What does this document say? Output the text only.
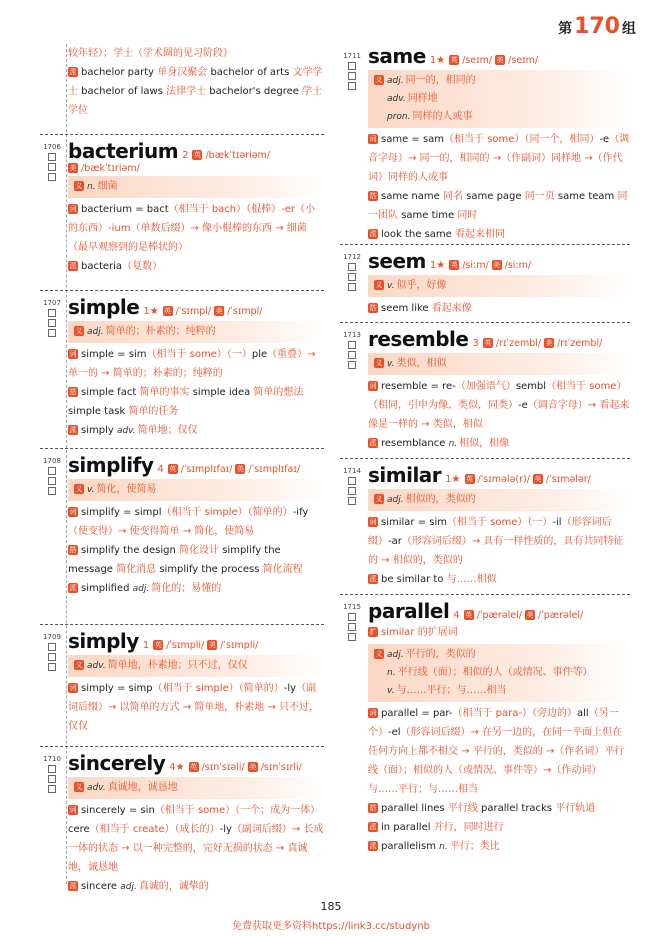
第170 组
较年轻）；学士（学术圈的见习阶段）
派 bachelor party 单身汉聚会 bachelor of arts 文学学士 bachelor of laws 法律学士 bachelor's degree 学士学位
1706 bacterium 2 英 /bækˈtɪəriəm/
美 /bækˈtɪriəm/
义 n. 细菌
词 bacterium = bact（相当于 bach）（棍棒）-er（小的东西）-ium（单数后缀）→ 像小棍棒的东西 → 细菌（最早观察到的是棒状的）
派 bacteria（复数）
1707 simple 1★ 英 /ˈsɪmpl/ 美 /ˈsɪmpl/
义 adj. 简单的；朴素的；纯粹的
词 simple = sim（相当于 some）（一）ple（重叠）→ 单一的 → 简单的；朴素的；纯粹的
搭 simple fact 简单的事实 simple idea 简单的想法 simple task 简单的任务
派 simply adv. 简单地；仅仅
1708 simplify 4 英 /ˈsɪmplɪfaɪ/ 美 /ˈsɪmplɪfaɪ/
义 v. 简化，使简易
词 simplify = simpl（相当于 simple）（简单的）-ify（使变得）→ 使变得简单 → 简化，使简易
搭 simplify the design 简化设计 simplify the message 简化消息 simplify the process 简化流程
派 simplified adj. 简化的；易懂的
1709 simply 1 英 /ˈsɪmpli/ 美 /ˈsɪmpli/
义 adv. 简单地，朴素地；只不过，仅仅
词 simply = simp（相当于 simple）（简单的）-ly（副词后缀）→ 以简单的方式 → 简单地，朴素地 → 只不过，仅仅
1710 sincerely 4★ 英 /sɪnˈsɪəli/ 美 /sɪnˈsɪrli/
义 adv. 真诚地，诚恳地
词 sincerely = sin（相当于 some）（一个；成为一体）cere（相当于 create）（成长的）-ly（副词后缀）→ 长成一体的状态 → 以一种完整的，完好无损的状态 → 真诚地，诚恳地
派 sincere adj. 真诚的，诚挚的
1711 same 1★ 英 /seɪm/ 美 /seɪm/
义 adj. 同一的，相同的
adv. 同样地
pron. 同样的人或事
词 same = sam（相当于 some）（同一个，相同）-e（调音字母）→ 同一的，相同的 →（作副词）同样地 →（作代词）同样的人或事
搭 same name 同名 same page 同一页 same team 同一团队 same time 同时
派 look the same 看起来相同
1712 seem 1★ 英 /siːm/ 美 /siːm/
义 v. 似乎，好像
搭 seem like 看起来像
1713 resemble 3 英 /rɪˈzembl/ 美 /rɪˈzembl/
义 v. 类似，相似
词 resemble = re-（加强语气）sembl（相当于 some）（相同，引申为像，类似，同类）-e（调音字母）→ 看起来像是一样的 → 类似，相似
派 resemblance n. 相似，相像
1714 similar 1★ 英 /ˈsɪmələ(r)/ 美 /ˈsɪmələr/
义 adj. 相似的，类似的
词 similar = sim（相当于 some）（一）-il（形容词后缀）-ar（形容词后缀）→ 具有一样性质的，具有共同特征的 → 相似的，类似的
派 be similar to 与……相似
1715 parallel 4 英 /ˈpærəlel/ 美 /ˈpærəlel/
扩 similar 的扩展词
义 adj. 平行的，类似的
n. 平行线（面）；相似的人（或情况、事件等）
v. 与……平行；与……相当
词 parallel = par-（相当于 para-）（旁边的）all（另一个）-el（形容词后缀）→ 在另一边的，在同一平面上但在任何方向上都不相交 → 平行的，类似的 →（作名词）平行线（面）；相似的人（或情况、事件等）→（作动词）与……平行；与……相当
搭 parallel lines 平行线 parallel tracks 平行轨道
派 in parallel 并行，同时进行
派 parallelism n. 平行；类比
185
免费获取更多资料https://link3.cc/studynb
